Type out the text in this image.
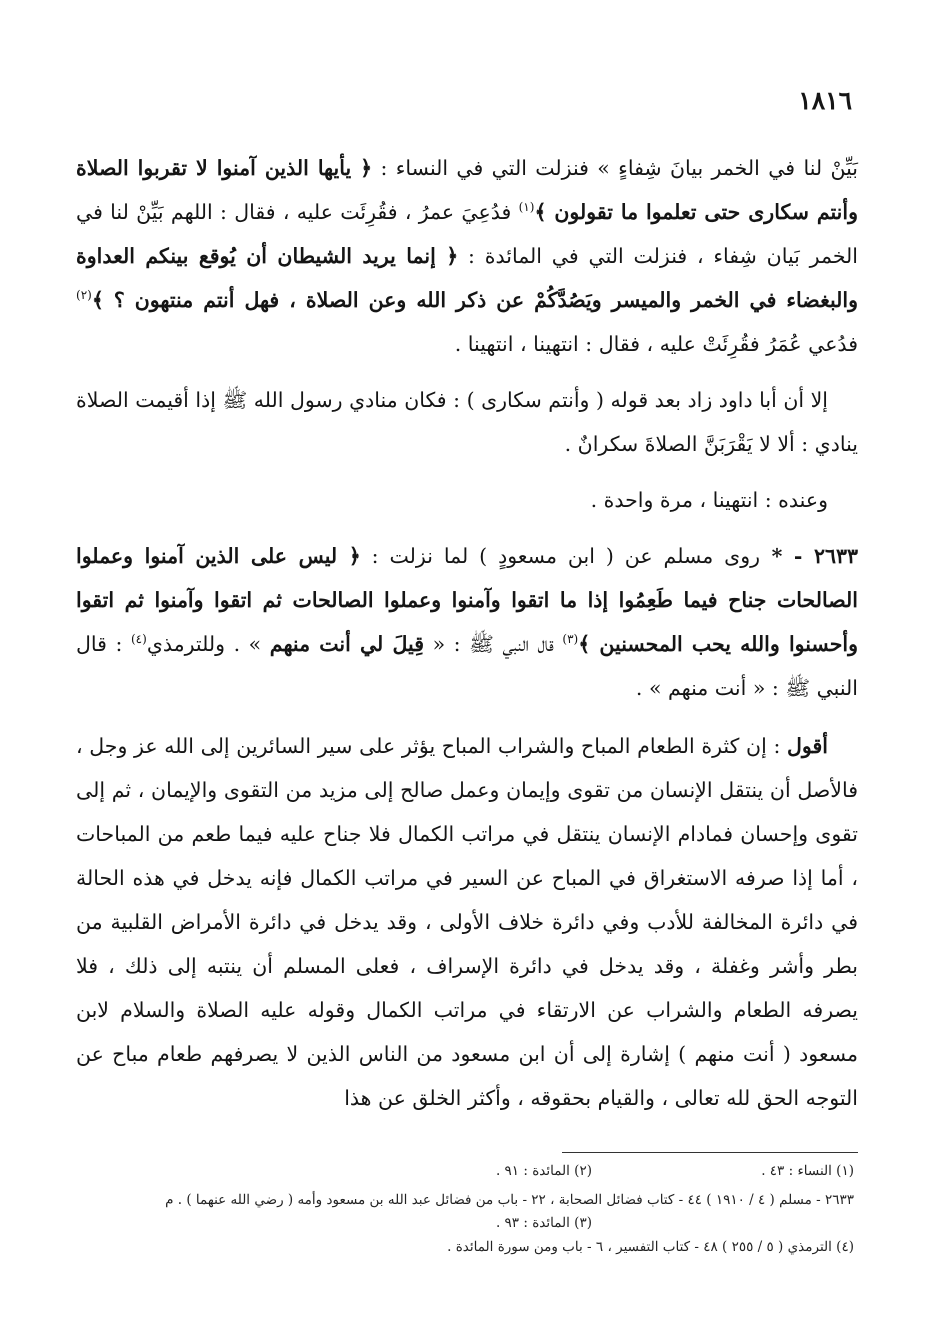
١٨١٦

بَيِّنْ لنا في الخمر بيانَ شِفاءٍ » فنزلت التي في النساء : ﴿ يأيها الذين آمنوا لا تقربوا الصلاة وأنتم سكارى حتى تعلموا ما تقولون ﴾$^{(١)}$ فدُعِيَ عمرُ ، فقُرِئَت عليه ، فقال : اللهم بَيِّنْ لنا في الخمر بَيان شِفاء ، فنزلت التي في المائدة : ﴿ إنما يريد الشيطان أن يُوقع بينكم العداوة والبغضاء في الخمر والميسر ويَصُدَّكُمْ عن ذكر الله وعن الصلاة ، فهل أنتم منتهون ؟ ﴾$^{(٢)}$ فدُعي عُمَرُ فقُرِئَتْ عليه ، فقال : انتهينا ، انتهينا .

إلا أن أبا داود زاد بعد قوله ( وأنتم سكارى ) : فكان منادي رسول الله ﷺ إذا أقيمت الصلاة ينادي : ألا لا يَقْرَبَنَّ الصلاةَ سكرانٌ .

وعنده : انتهينا ، مرة واحدة .

٢٦٣٣ - * روى مسلم عن ( ابن مسعودٍ ) لما نزلت : ﴿ ليس على الذين آمنوا وعملوا الصالحات جناح فيما طَعِمُوا إذا ما اتقوا وآمنوا وعملوا الصالحات ثم اتقوا وآمنوا ثم اتقوا وأحسنوا والله يحب المحسنين ﴾$^{(٣)}$ قال النبي ﷺ : « قِيلَ لي أنت منهم » . وللترمذي$^{(٤)}$ : قال النبي ﷺ : « أنت منهم » .

أقول : إن كثرة الطعام المباح والشراب المباح يؤثر على سير السائرين إلى الله عز وجل ، فالأصل أن ينتقل الإنسان من تقوى وإيمان وعمل صالح إلى مزيد من التقوى والإيمان ، ثم إلى تقوى وإحسان فمادام الإنسان ينتقل في مراتب الكمال فلا جناح عليه فيما طعم من المباحات ، أما إذا صرفه الاستغراق في المباح عن السير في مراتب الكمال فإنه يدخل في هذه الحالة في دائرة المخالفة للأدب وفي دائرة خلاف الأولى ، وقد يدخل في دائرة الأمراض القلبية من بطر وأشر وغفلة ، وقد يدخل في دائرة الإسراف ، فعلى المسلم أن ينتبه إلى ذلك ، فلا يصرفه الطعام والشراب عن الارتقاء في مراتب الكمال وقوله عليه الصلاة والسلام لابن مسعود ( أنت منهم ) إشارة إلى أن ابن مسعود من الناس الذين لا يصرفهم طعام مباح عن التوجه الحق لله تعالى ، والقيام بحقوقه ، وأكثر الخلق عن هذا

(١) النساء : ٤٣ .
(٢) المائدة : ٩١ .
٢٦٣٣ - مسلم ( ٤ / ١٩١٠ ) ٤٤ - كتاب فضائل الصحابة ، ٢٢ - باب من فضائل عبد الله بن مسعود وأمه ( رضي الله عنهما ) . م
(٣) المائدة : ٩٣ .
(٤) الترمذي ( ٥ / ٢٥٥ ) ٤٨ - كتاب التفسير ، ٦ - باب ومن سورة المائدة .
